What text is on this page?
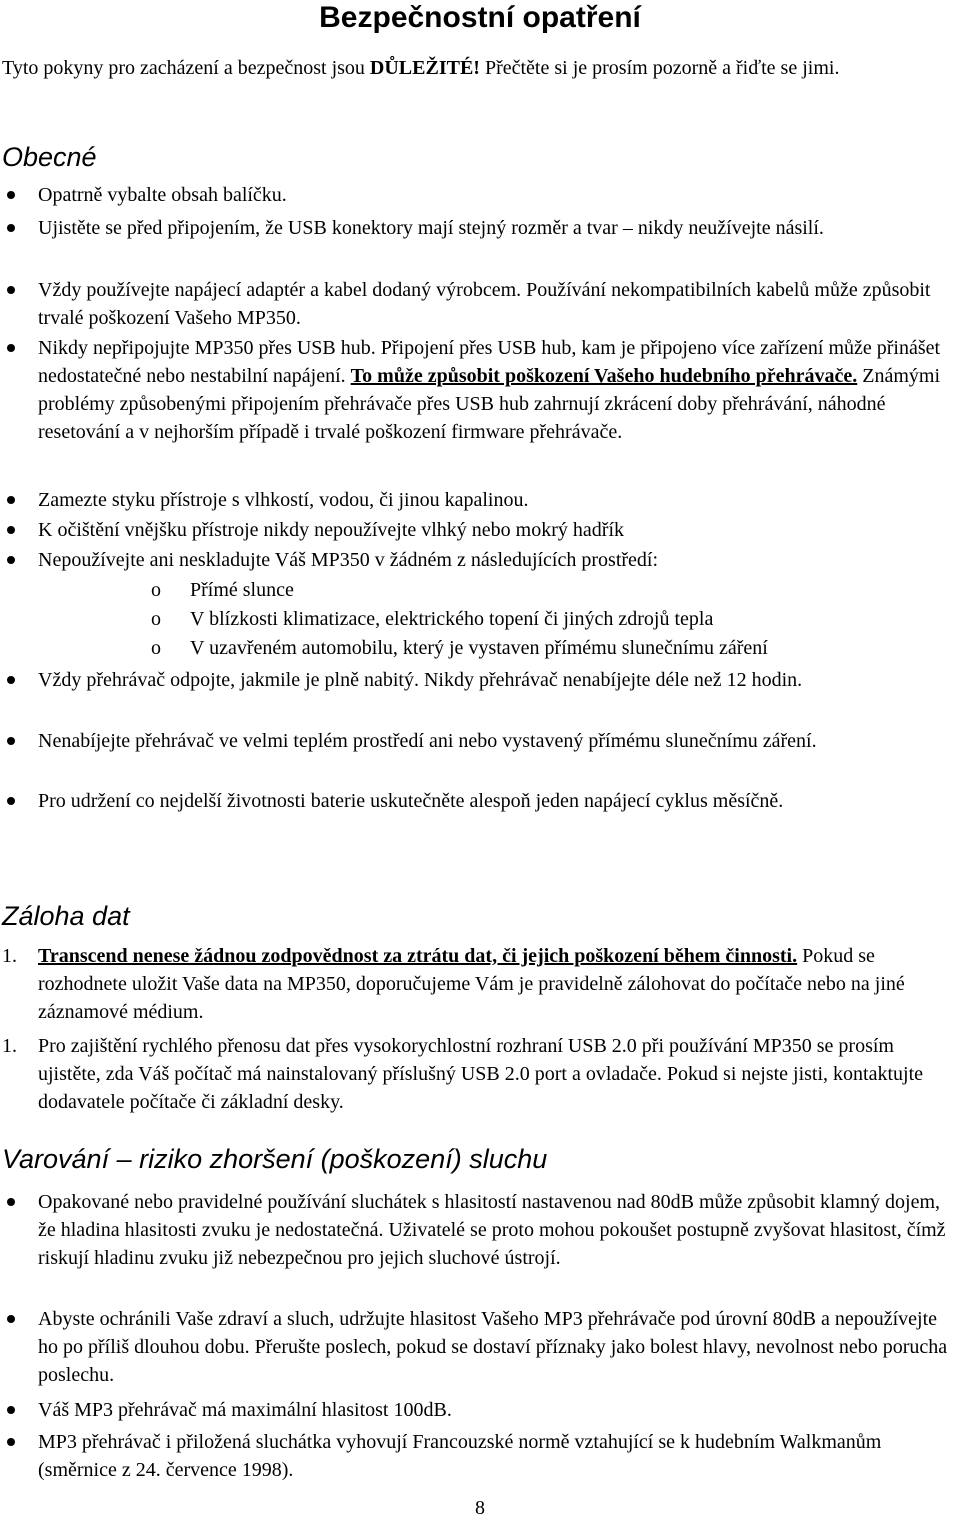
Bezpečnostní opatření
Tyto pokyny pro zacházení a bezpečnost jsou DŮLEŽITÉ! Přečtěte si je prosím pozorně a řiďte se jimi.
Obecné
Opatrně vybalte obsah balíčku.
Ujistěte se před připojením, že USB konektory mají stejný rozměr a tvar – nikdy neužívejte násilí.
Vždy používejte napájecí adaptér a kabel dodaný výrobcem. Používání nekompatibilních kabelů může způsobit trvalé poškození Vašeho MP350.
Nikdy nepřipojujte MP350 přes USB hub. Připojení přes USB hub, kam je připojeno více zařízení může přinášet nedostatečné nebo nestabilní napájení. To může způsobit poškození Vašeho hudebního přehrávače. Známými problémy způsobenými připojením přehrávače přes USB hub zahrnují zkrácení doby přehrávání, náhodné resetování a v nejhorším případě i trvalé poškození firmware přehrávače.
Zamezte styku přístroje s vlhkostí, vodou, či jinou kapalinou.
K očištění vnějšku přístroje nikdy nepoužívejte vlhký nebo mokrý hadřík
Nepoužívejte ani neskladujte Váš MP350 v žádném z následujících prostředí:
o Přímé slunce
o V blízkosti klimatizace, elektrického topení či jiných zdrojů tepla
o V uzavřeném automobilu, který je vystaven přímému slunečnímu záření
Vždy přehrávač odpojte, jakmile je plně nabitý. Nikdy přehrávač nenabíjejte déle než 12 hodin.
Nenabíjejte přehrávač ve velmi teplém prostředí ani nebo vystavený přímému slunečnímu záření.
Pro udržení co nejdelší životnosti baterie uskutečněte alespoň jeden napájecí cyklus měsíčně.
Záloha dat
1. Transcend nenese žádnou zodpovědnost za ztrátu dat, či jejich poškození během činnosti. Pokud se rozhodnete uložit Vaše data na MP350, doporučujeme Vám je pravidelně zálohovat do počítače nebo na jiné záznamové médium.
1. Pro zajištění rychlého přenosu dat přes vysokorychlostní rozhraní USB 2.0 při používání MP350 se prosím ujistěte, zda Váš počítač má nainstalovaný příslušný USB 2.0 port a ovladače. Pokud si nejste jisti, kontaktujte dodavatele počítače či základní desky.
Varování – riziko zhoršení (poškození) sluchu
Opakované nebo pravidelné používání sluchátek s hlasitostí nastavenou nad 80dB může způsobit klamný dojem, že hladina hlasitosti zvuku je nedostatečná. Uživatelé se proto mohou pokoušet postupně zvyšovat hlasitost, čímž riskují hladinu zvuku již nebezpečnou pro jejich sluchové ústrojí.
Abyste ochránili Vaše zdraví a sluch, udržujte hlasitost Vašeho MP3 přehrávače pod úrovní 80dB a nepoužívejte ho po příliš dlouhou dobu. Přerušte poslech, pokud se dostaví příznaky jako bolest hlavy, nevolnost nebo porucha poslechu.
Váš MP3 přehrávač má maximální hlasitost 100dB.
MP3 přehrávač i přiložená sluchátka vyhovují Francouzské normě vztahující se k hudebním Walkmanům (směrnice z 24. července 1998).
8
